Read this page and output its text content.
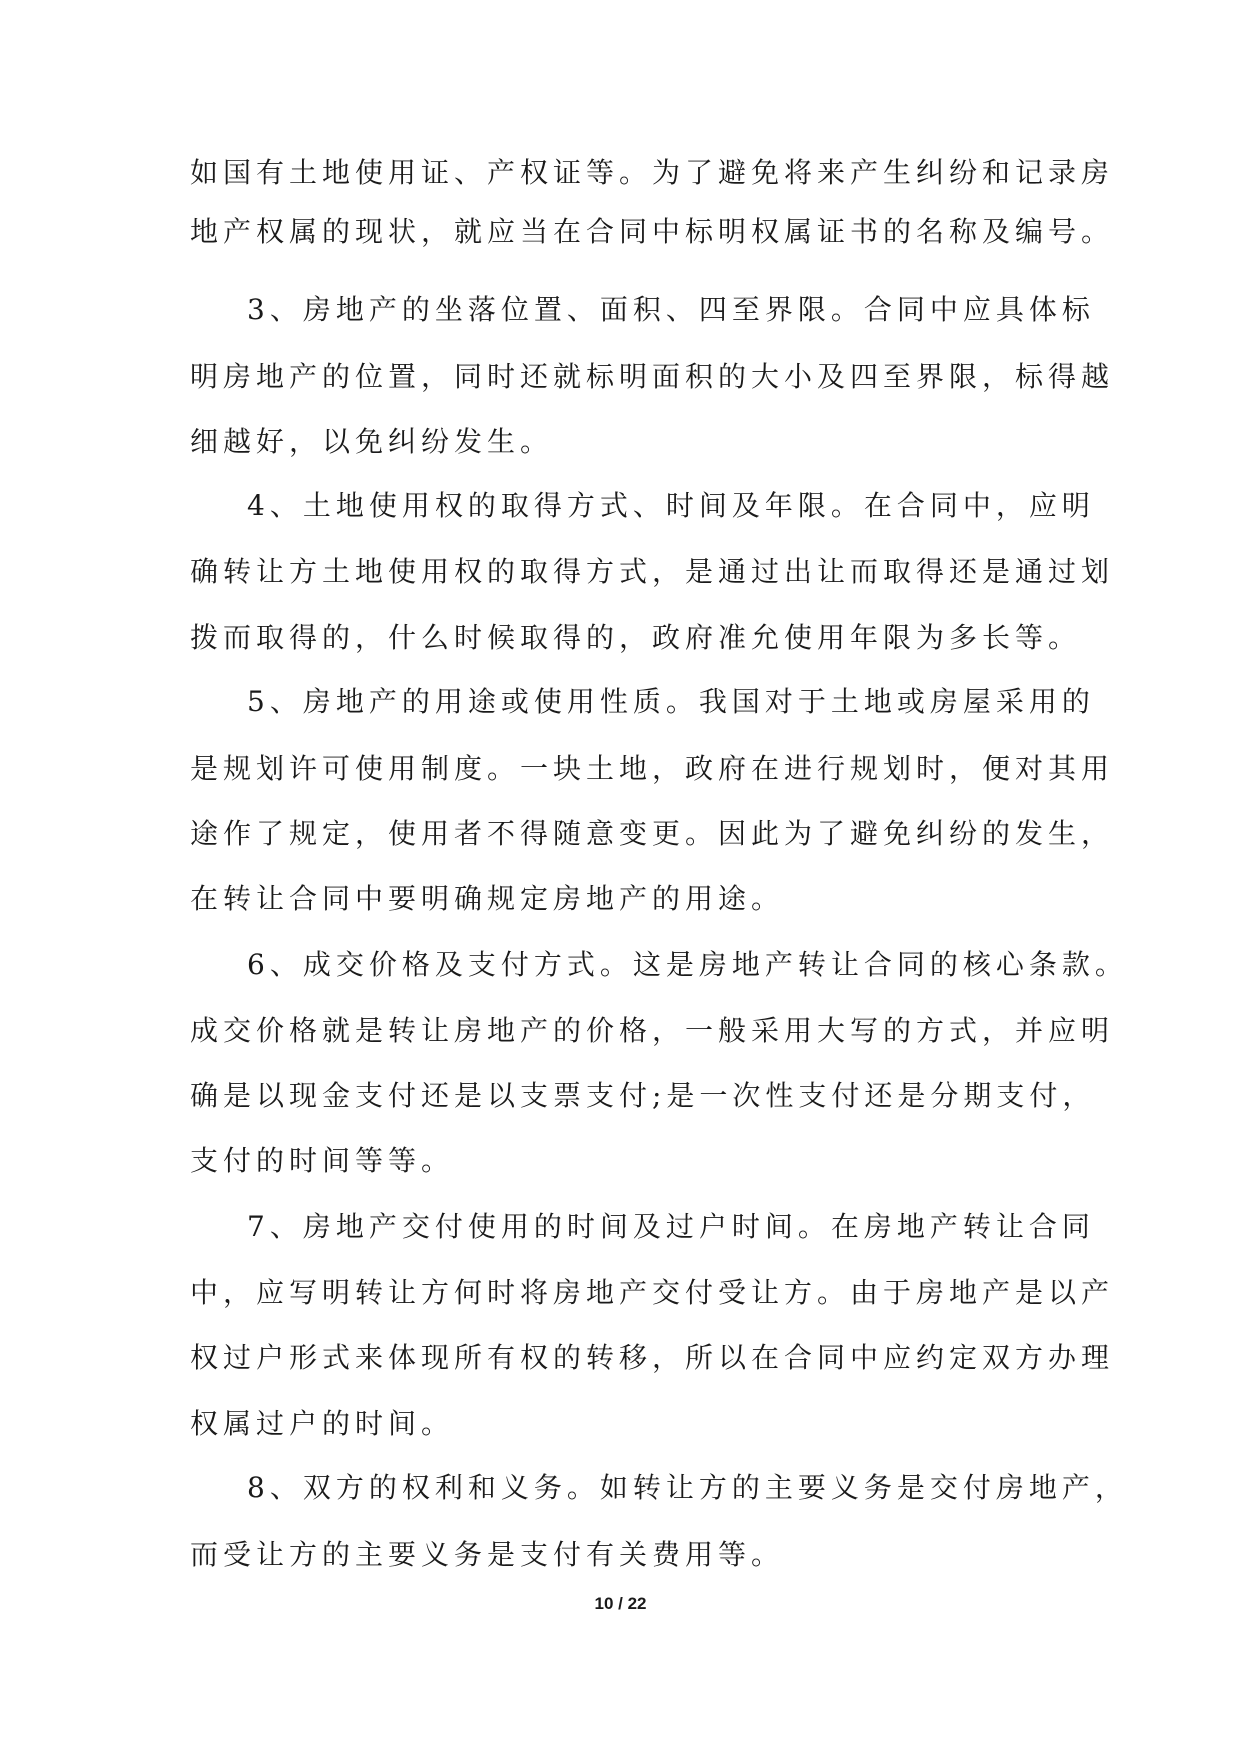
如国有土地使用证、产权证等。为了避免将来产生纠纷和记录房
地产权属的现状，就应当在合同中标明权属证书的名称及编号。
3、房地产的坐落位置、面积、四至界限。合同中应具体标
明房地产的位置，同时还就标明面积的大小及四至界限，标得越
细越好，以免纠纷发生。
4、土地使用权的取得方式、时间及年限。在合同中，应明
确转让方土地使用权的取得方式，是通过出让而取得还是通过划
拨而取得的，什么时候取得的，政府准允使用年限为多长等。
5、房地产的用途或使用性质。我国对于土地或房屋采用的
是规划许可使用制度。一块土地，政府在进行规划时，便对其用
途作了规定，使用者不得随意变更。因此为了避免纠纷的发生，
在转让合同中要明确规定房地产的用途。
6、成交价格及支付方式。这是房地产转让合同的核心条款。
成交价格就是转让房地产的价格，一般采用大写的方式，并应明
确是以现金支付还是以支票支付;是一次性支付还是分期支付，
支付的时间等等。
7、房地产交付使用的时间及过户时间。在房地产转让合同
中，应写明转让方何时将房地产交付受让方。由于房地产是以产
权过户形式来体现所有权的转移，所以在合同中应约定双方办理
权属过户的时间。
8、双方的权利和义务。如转让方的主要义务是交付房地产，
而受让方的主要义务是支付有关费用等。
10 / 22
